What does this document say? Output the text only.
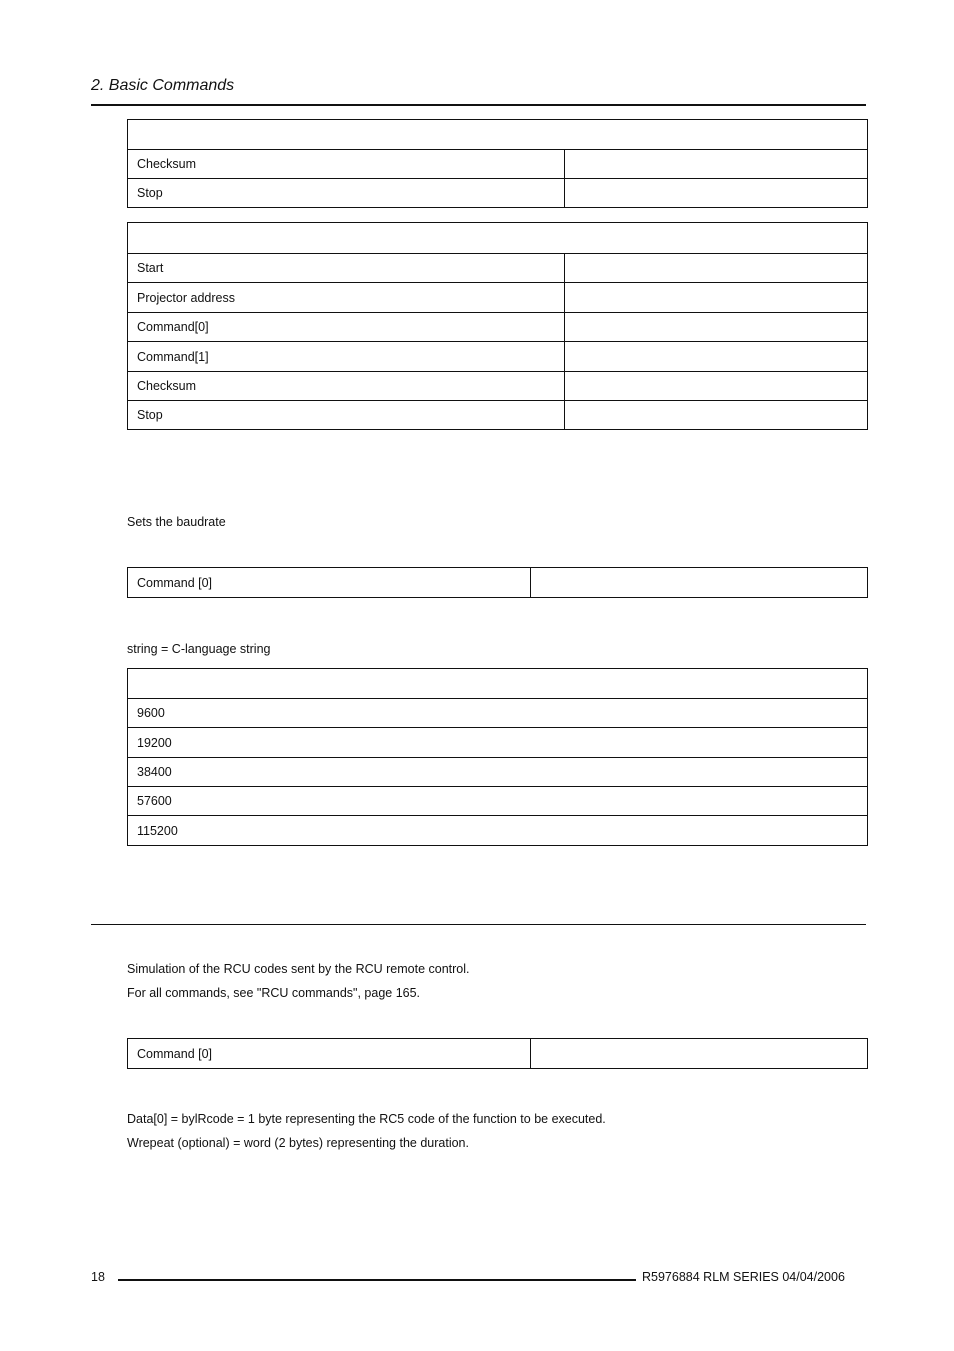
2. Basic Commands

Checksum	
Stop	

Start	
Projector address	
Command[0]	
Command[1]	
Checksum	
Stop	
Sets the baudrate
Command [0]	
string = C-language string

9600
19200
38400
57600
115200
Simulation of the RCU codes sent by the RCU remote control.
For all commands, see "RCU commands", page 165.
Command [0]	
Data[0] = bylRcode = 1 byte representing the RC5 code of the function to be executed.
Wrepeat (optional) = word (2 bytes) representing the duration.
18	R5976884 RLM SERIES 04/04/2006
